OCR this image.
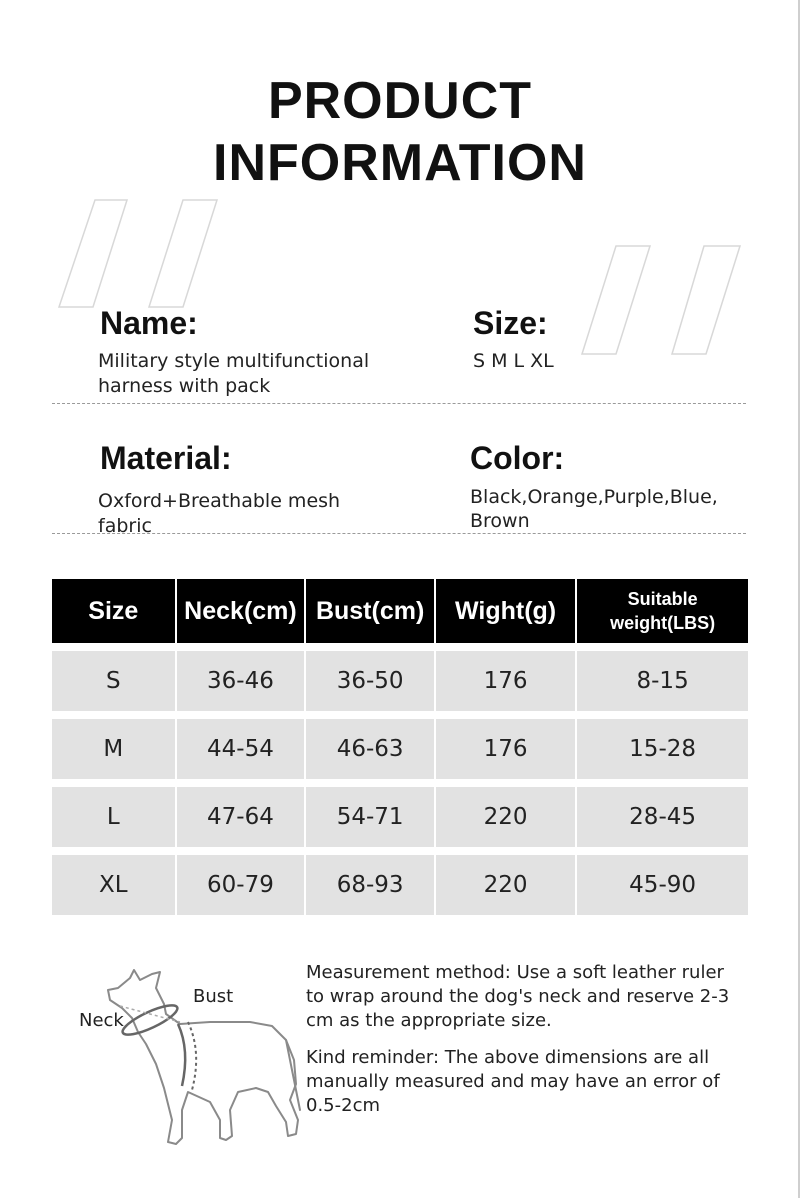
PRODUCT
INFORMATION
Name:
Military style multifunctional
harness with pack
Size:
S M L XL
Material:
Oxford+Breathable mesh
fabric
Color:
Black,Orange,Purple,Blue,
Brown
Size	Neck(cm)	Bust(cm)	Wight(g)	Suitable
weight(LBS)

S	36-46	36-50	176	8-15
M	44-54	46-63	176	15-28
L	47-64	54-71	220	28-45
XL	60-79	68-93	220	45-90
Bust
Neck
Measurement method: Use a soft leather ruler
to wrap around the dog's neck and reserve 2-3
cm as the appropriate size.
Kind reminder: The above dimensions are all
manually measured and may have an error of
0.5-2cm
